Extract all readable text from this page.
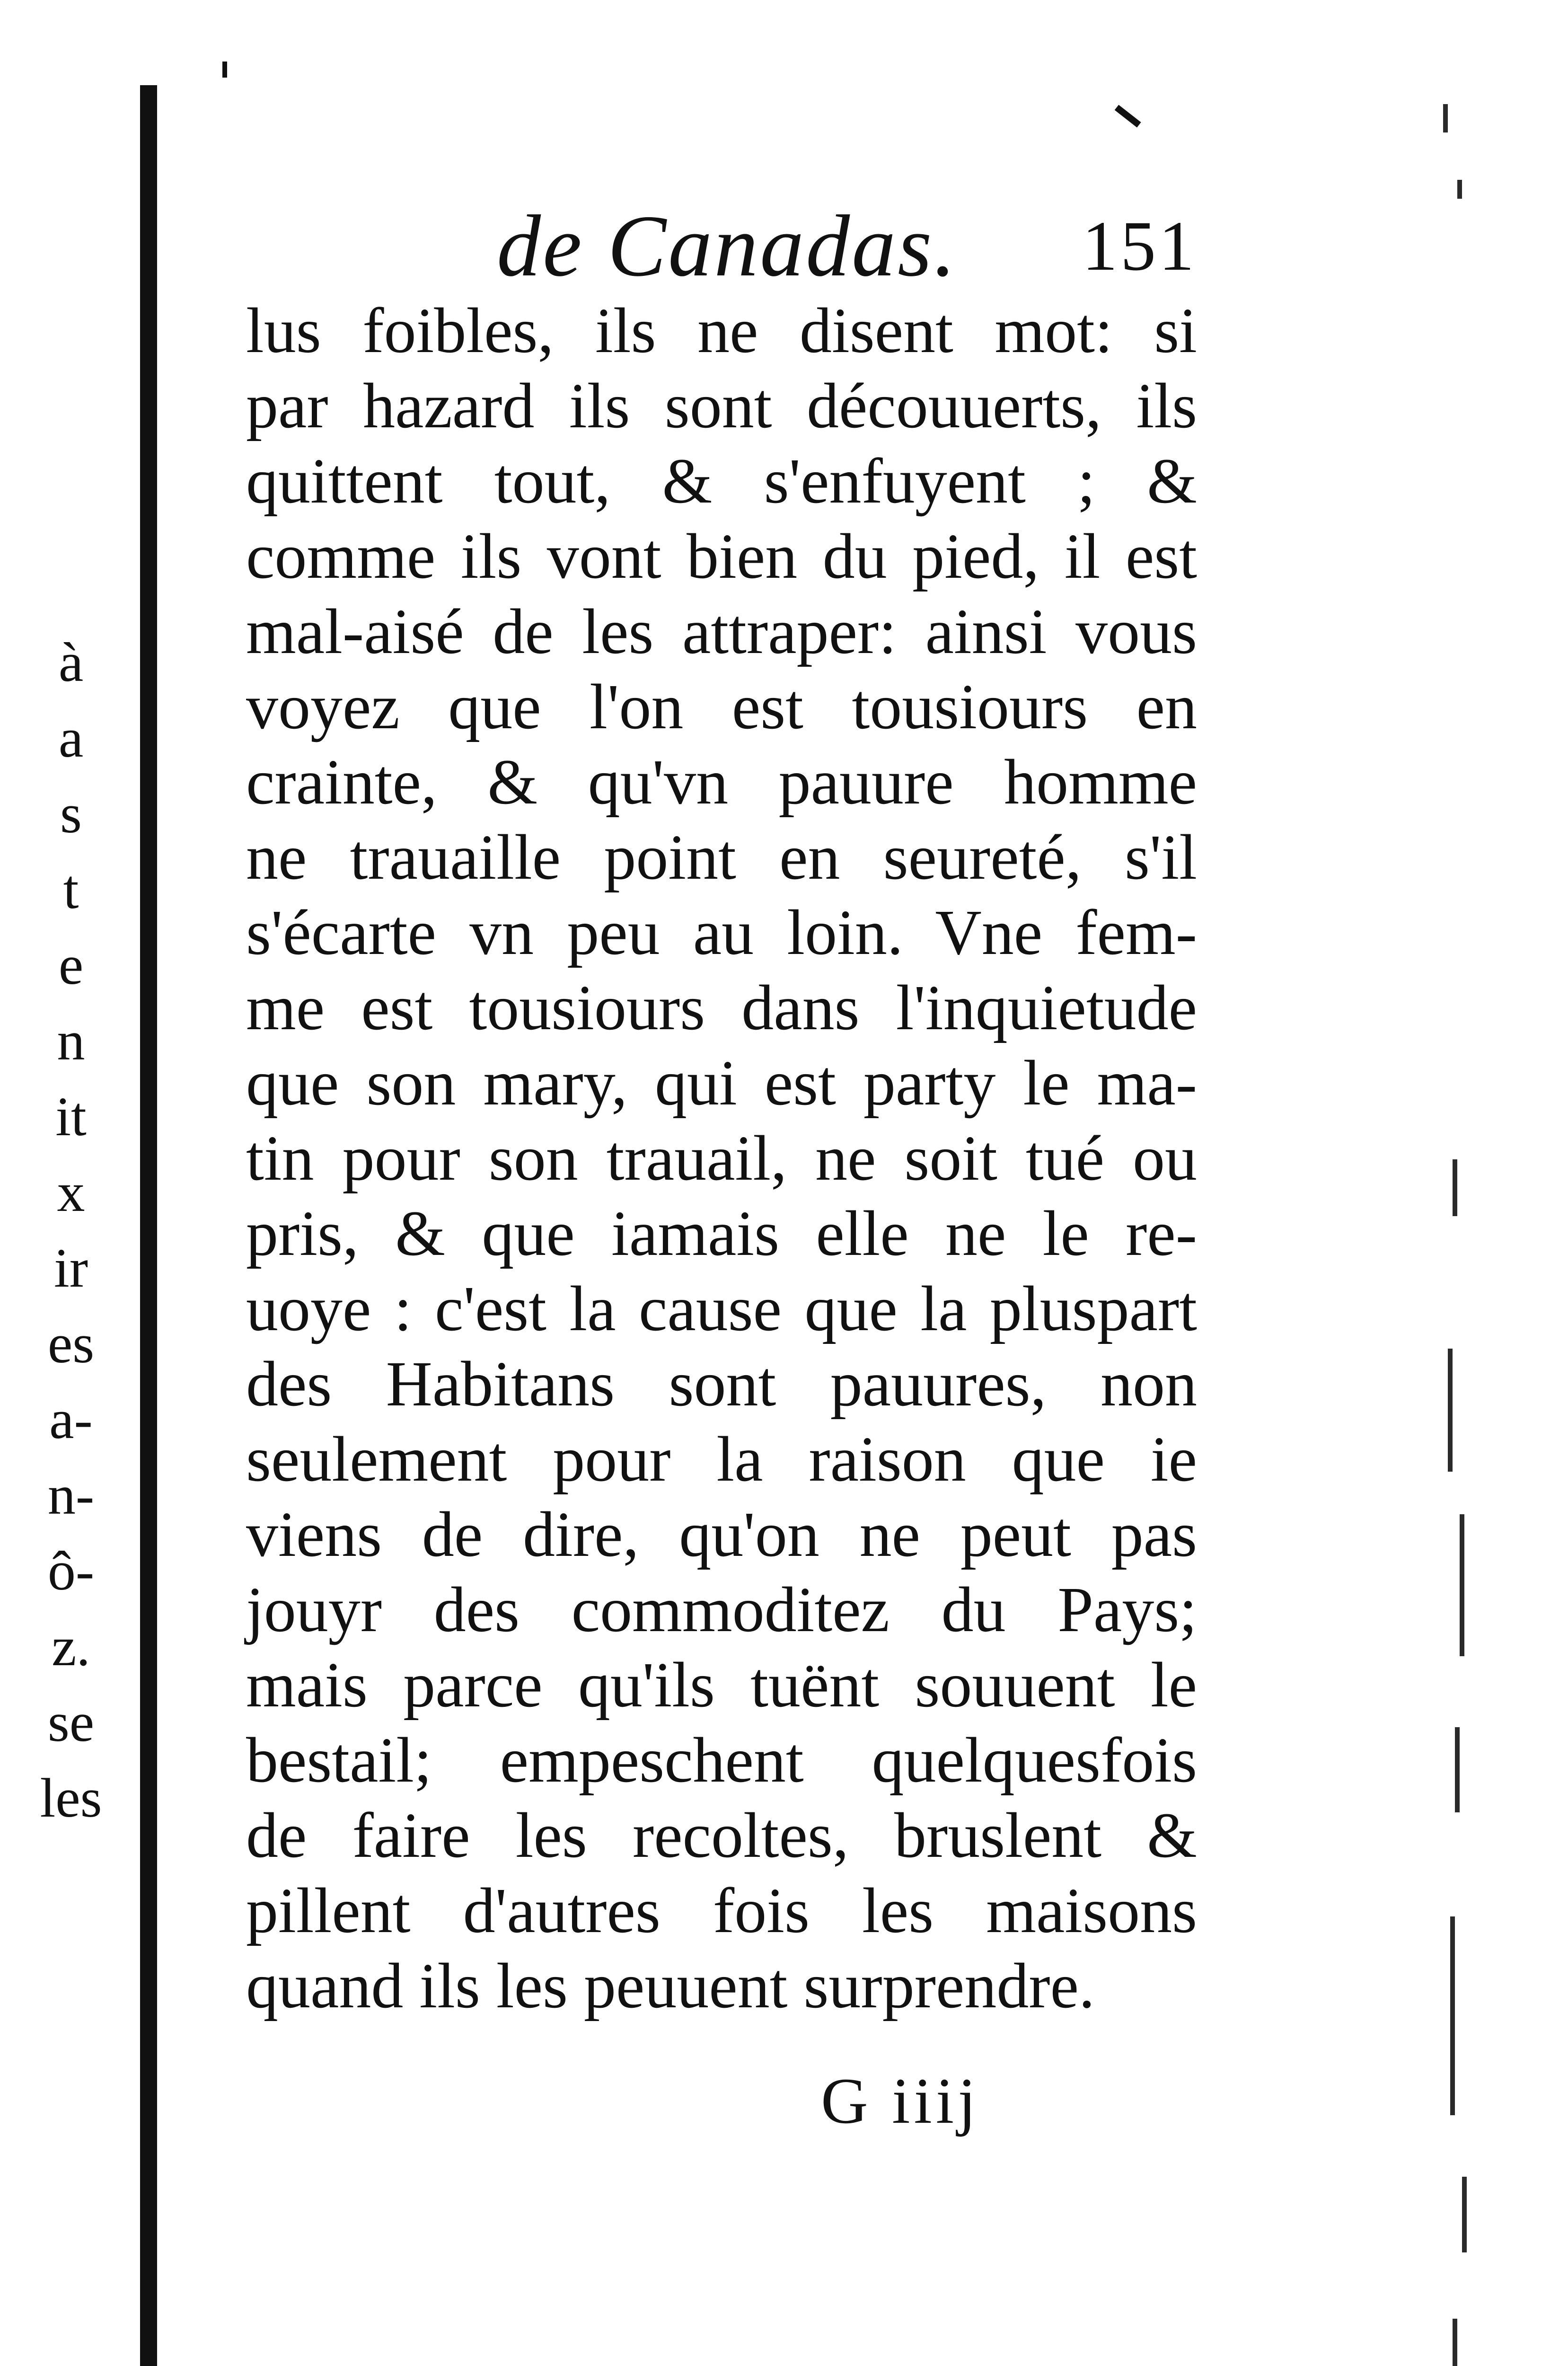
de Canadas. 151
lus foibles, ils ne disent mot: si
par hazard ils sont découuerts, ils
quittent tout, & s'enfuyent ; &
comme ils vont bien du pied, il est
mal-aisé de les attraper: ainsi vous
voyez que l'on est tousiours en
crainte, & qu'vn pauure homme
ne trauaille point en seureté, s'il
s'écarte vn peu au loin. Vne fem-
me est tousiours dans l'inquietude
que son mary, qui est party le ma-
tin pour son trauail, ne soit tué ou
pris, & que iamais elle ne le re-
uoye : c'est la cause que la pluspart
des Habitans sont pauures, non
seulement pour la raison que ie
viens de dire, qu'on ne peut pas
jouyr des commoditez du Pays;
mais parce qu'ils tuënt souuent le
bestail; empeschent quelquesfois
de faire les recoltes, bruslent &
pillent d'autres fois les maisons
quand ils les peuuent surprendre.
G iiij
à
a
s
t
e
n
it
x
ir
es
a-
n-
ô-
z.
se
les
